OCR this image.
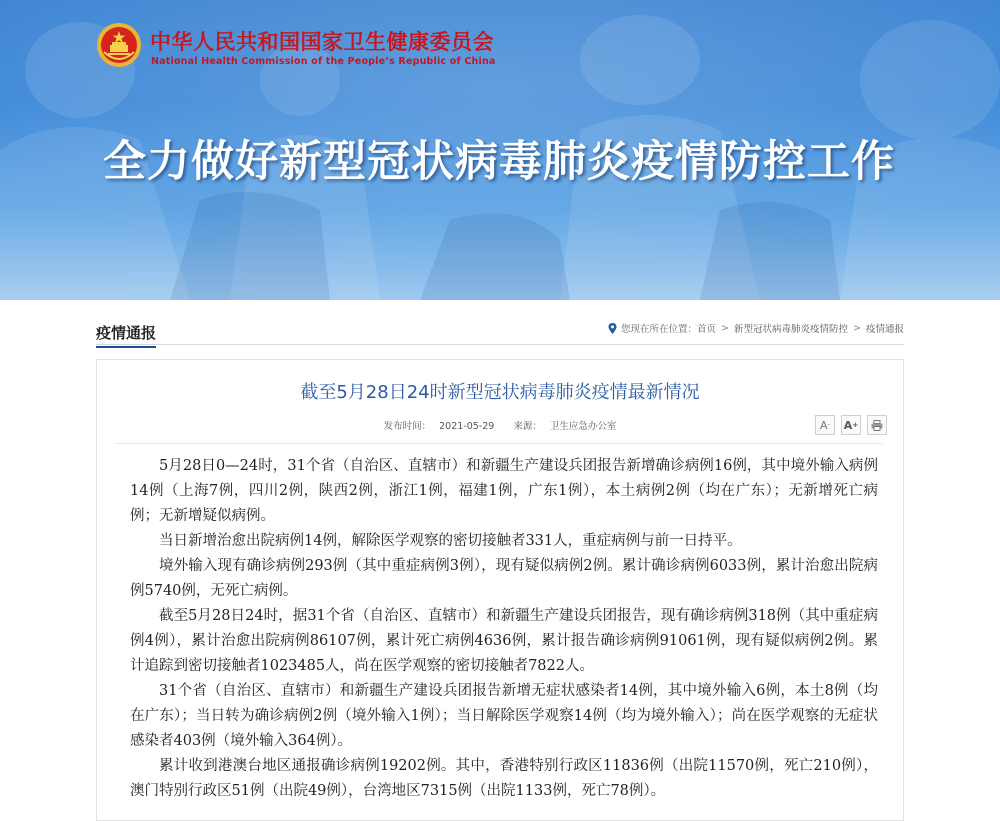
中华人民共和国国家卫生健康委员会
National Health Commission of the People’s Republic of China
全力做好新型冠状病毒肺炎疫情防控工作
疫情通报	您现在所在位置： 首页 > 新型冠状病毒肺炎疫情防控 > 疫情通报
截至5月28日24时新型冠状病毒肺炎疫情最新情况
发布时间： 2021-05-29 来源： 卫生应急办公室	A - A +

5月28日0—24时，31个省（自治区、直辖市）和新疆生产建设兵团报告新增确诊病例16例，其中境外输入病例14例（上海7例，四川2例，陕西2例，浙江1例，福建1例，广东1例），本土病例2例（均在广东）；无新增死亡病例；无新增疑似病例。

当日新增治愈出院病例14例，解除医学观察的密切接触者331人，重症病例与前一日持平。

境外输入现有确诊病例293例（其中重症病例3例），现有疑似病例2例。累计确诊病例6033例，累计治愈出院病例5740例，无死亡病例。

截至5月28日24时，据31个省（自治区、直辖市）和新疆生产建设兵团报告，现有确诊病例318例（其中重症病例4例），累计治愈出院病例86107例，累计死亡病例4636例，累计报告确诊病例91061例，现有疑似病例2例。累计追踪到密切接触者1023485人，尚在医学观察的密切接触者7822人。

31个省（自治区、直辖市）和新疆生产建设兵团报告新增无症状感染者14例，其中境外输入6例，本土8例（均在广东）；当日转为确诊病例2例（境外输入1例）；当日解除医学观察14例（均为境外输入）；尚在医学观察的无症状感染者403例（境外输入364例）。

累计收到港澳台地区通报确诊病例19202例。其中，香港特别行政区11836例（出院11570例，死亡210例），澳门特别行政区51例（出院49例），台湾地区7315例（出院1133例，死亡78例）。
